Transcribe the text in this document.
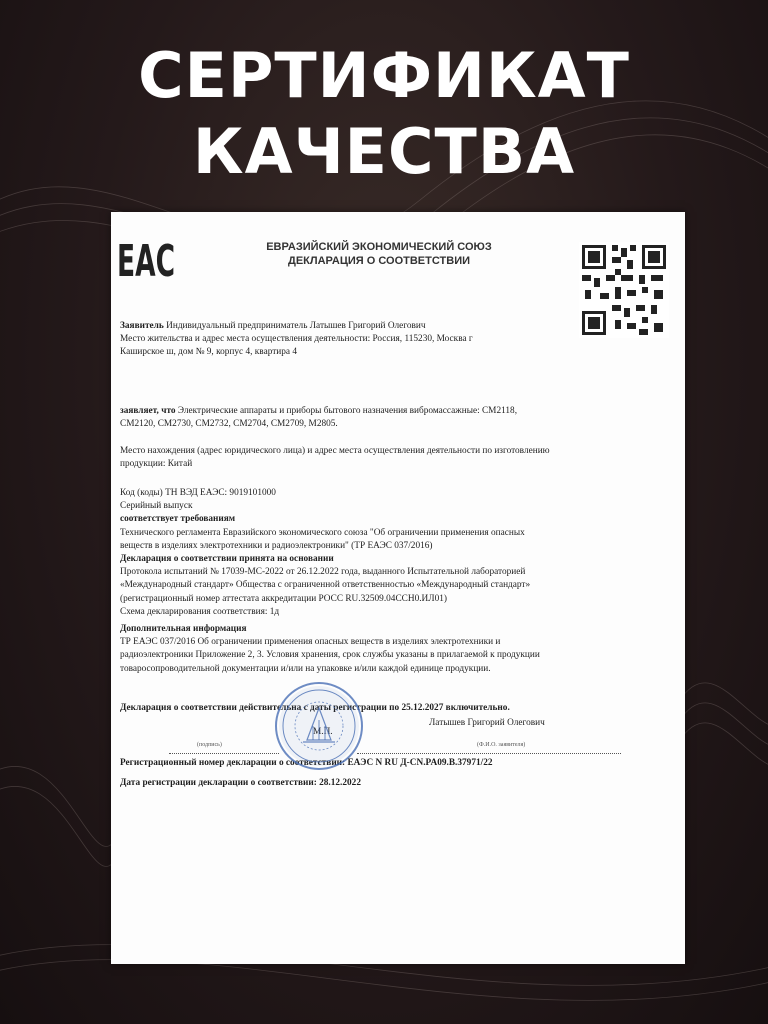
СЕРТИФИКАТ
КАЧЕСТВА
EAC	ЕВРАЗИЙСКИЙ ЭКОНОМИЧЕСКИЙ СОЮЗ
ДЕКЛАРАЦИЯ О СООТВЕТСТВИИ
Заявитель Индивидуальный предприниматель Латышев Григорий Олегович
Место жительства и адрес места осуществления деятельности: Россия, 115230, Москва г
Каширское ш, дом № 9, корпус 4, квартира 4
заявляет, что Электрические аппараты и приборы бытового назначения вибромассажные: СМ2118,
СМ2120, СМ2730, СМ2732, СМ2704, СМ2709, М2805.
Место нахождения (адрес юридического лица) и адрес места осуществления деятельности по изготовлению
продукции: Китай
Код (коды) ТН ВЭД ЕАЭС: 9019101000
Серийный выпуск
соответствует требованиям
Технического регламента Евразийского экономического союза "Об ограничении применения опасных
веществ в изделиях электротехники и радиоэлектроники" (ТР ЕАЭС 037/2016)
Декларация о соответствии принята на основании
Протокола испытаний № 17039-МС-2022 от 26.12.2022 года, выданного Испытательной лабораторией
«Международный стандарт» Общества с ограниченной ответственностью «Международный стандарт»
(регистрационный номер аттестата аккредитации РОСС RU.32509.04ССН0.ИЛ01)
Схема декларирования соответствия: 1д
Дополнительная информация
ТР ЕАЭС 037/2016 Об ограничении применения опасных веществ в изделиях электротехники и
радиоэлектроники Приложение 2, 3. Условия хранения, срок службы указаны в прилагаемой к продукции
товаросопроводительной документации и/или на упаковке и/или каждой единице продукции.
Декларация о соответствии действительна с даты регистрации по 25.12.2027 включительно.
М.П.
Латышев Григорий Олегович
(подпись)	(Ф.И.О. заявителя)
Регистрационный номер декларации о соответствии: ЕАЭС N RU Д-CN.PA09.B.37971/22
Дата регистрации декларации о соответствии: 28.12.2022
